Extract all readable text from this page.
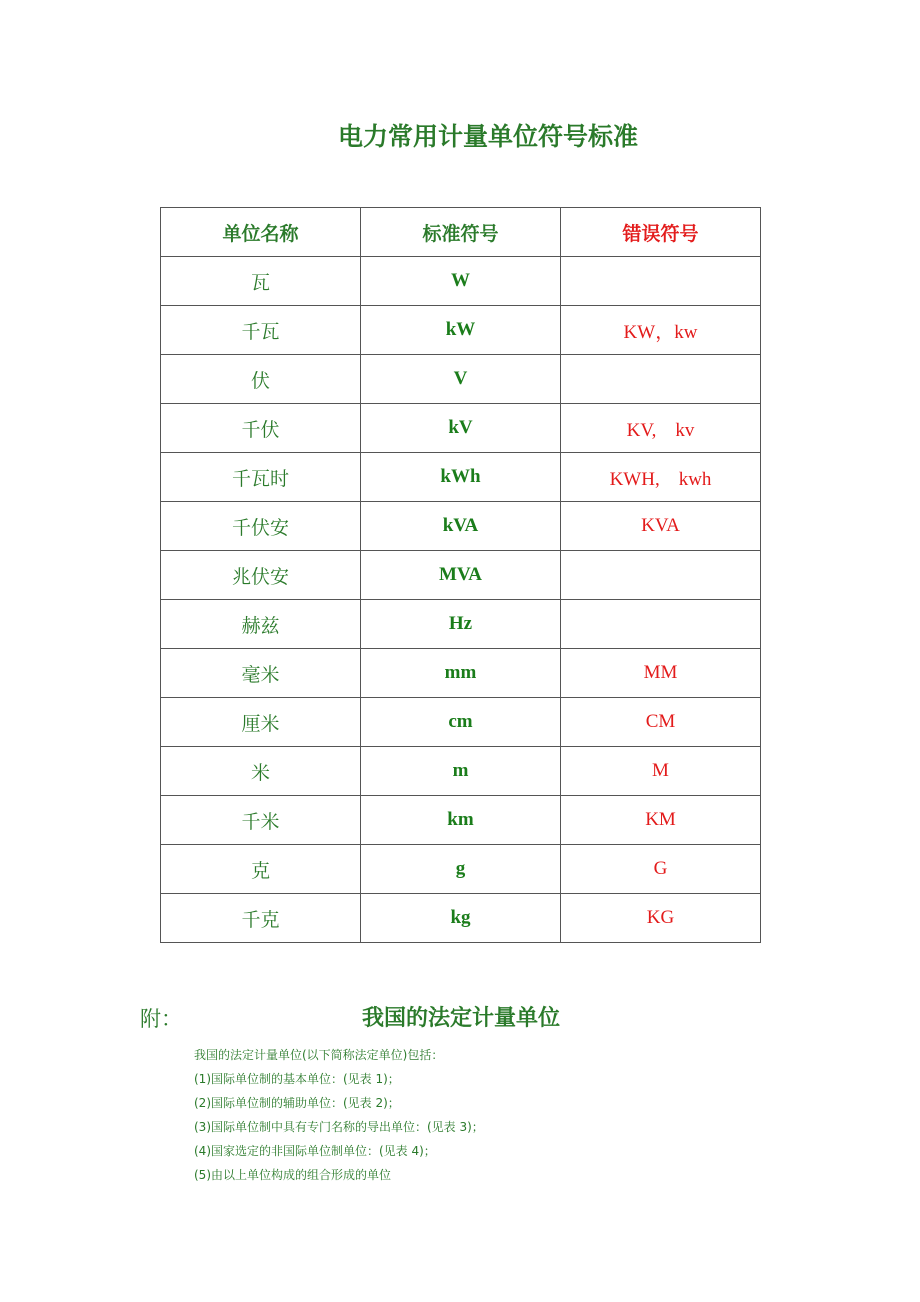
电力常用计量单位符号标准
单位名称	标准符号	错误符号
瓦	W	
千瓦	kW	KW，kw
伏	V	
千伏	kV	KV,　kv
千瓦时	kWh	KWH,　kwh
千伏安	kVA	KVA
兆伏安	MVA	
赫兹	Hz	
毫米	mm	MM
厘米	cm	CM
米	m	M
千米	km	KM
克	g	G
千克	kg	KG
附：	我国的法定计量单位
我国的法定计量单位(以下简称法定单位)包括：
(1)国际单位制的基本单位：(见表 1)；
(2)国际单位制的辅助单位：(见表 2)；
(3)国际单位制中具有专门名称的导出单位：(见表 3)；
(4)国家选定的非国际单位制单位：(见表 4)；
(5)由以上单位构成的组合形成的单位
